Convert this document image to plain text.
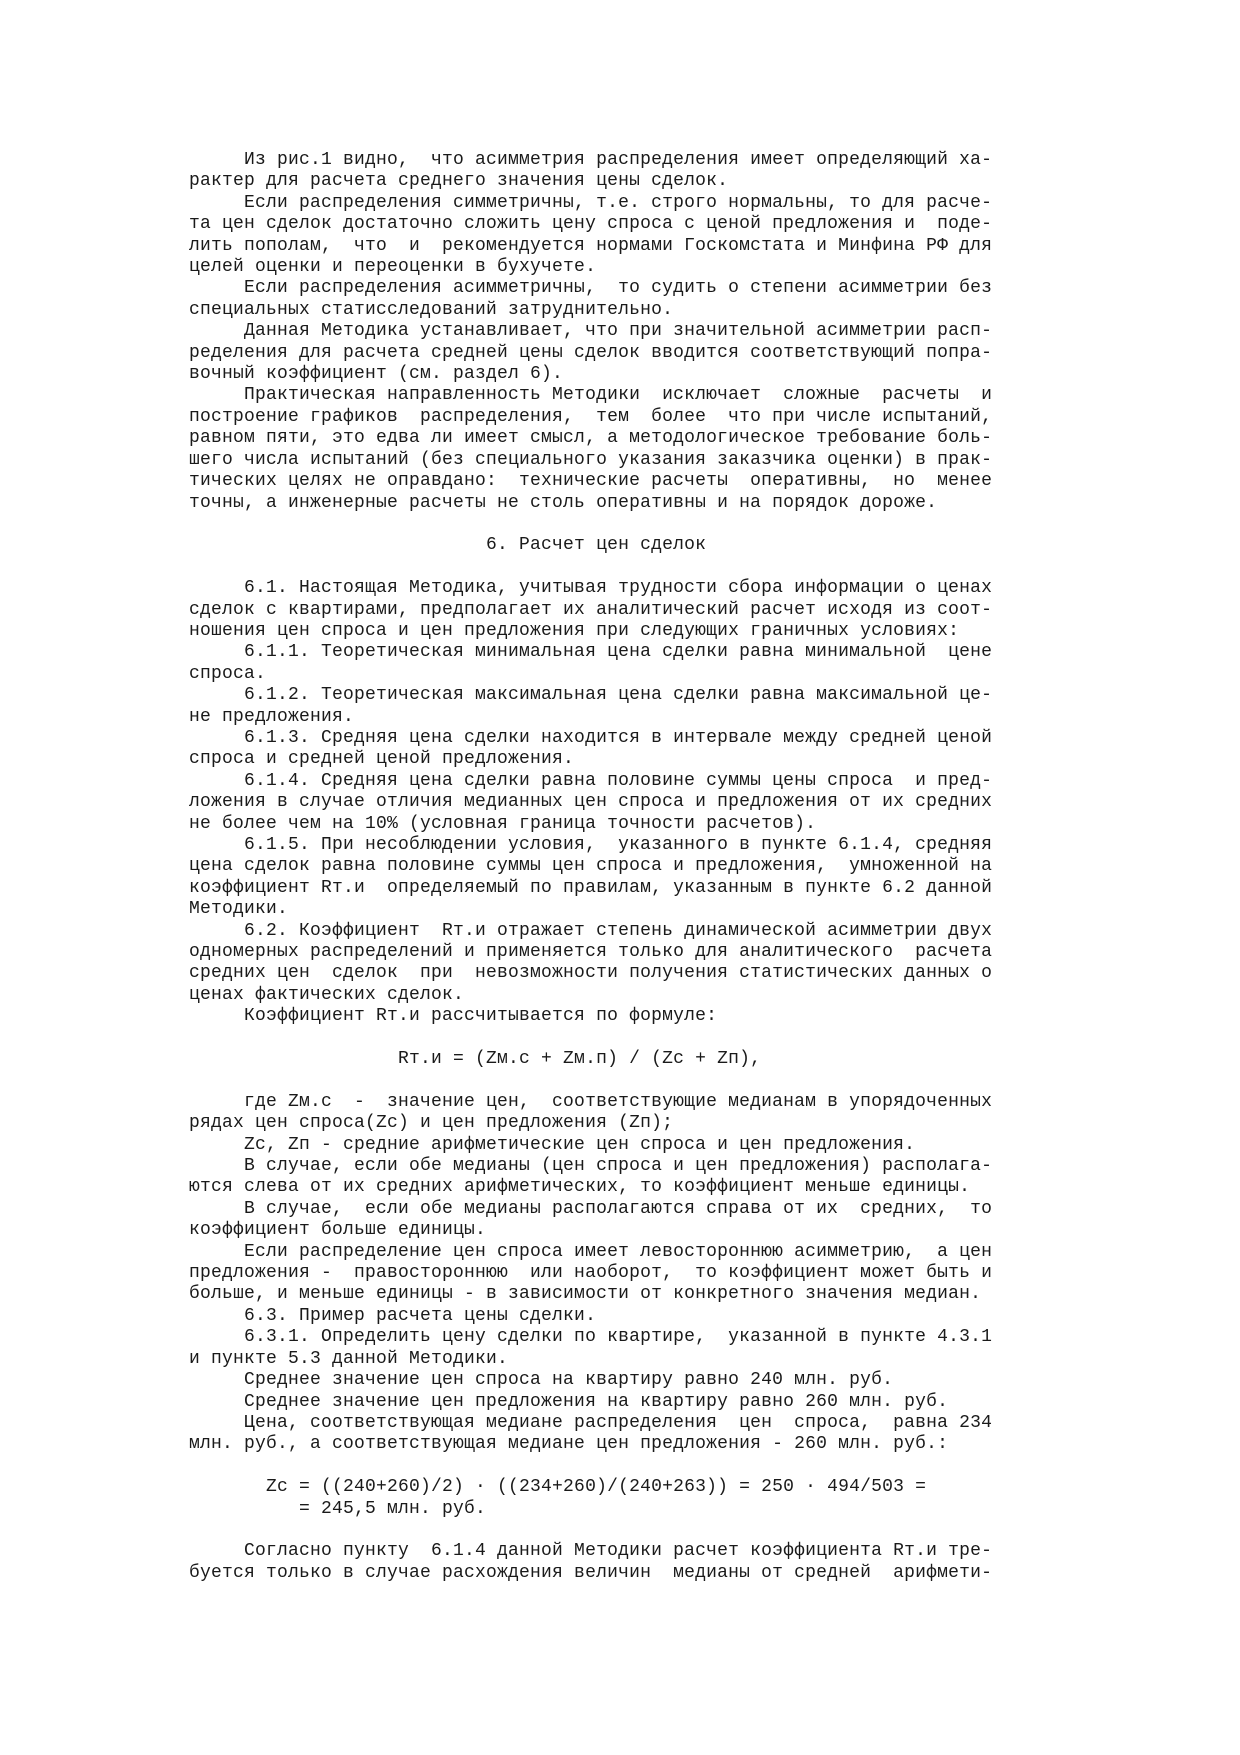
Из рис.1 видно,  что асимметрия распределения имеет определяющий ха-
рактер для расчета среднего значения цены сделок.
Если распределения симметричны, т.е. строго нормальны, то для расче-
та цен сделок достаточно сложить цену спроса с ценой предложения и  поде-
лить пополам,  что  и  рекомендуется нормами Госкомстата и Минфина РФ для
целей оценки и переоценки в бухучете.
Если распределения асимметричны,  то судить о степени асимметрии без
специальных статисследований затруднительно.
Данная Методика устанавливает, что при значительной асимметрии расп-
ределения для расчета средней цены сделок вводится соответствующий попра-
вочный коэффициент (см. раздел 6).
Практическая направленность Методики  исключает  сложные  расчеты  и
построение графиков  распределения,  тем  более  что при числе испытаний,
равном пяти, это едва ли имеет смысл, а методологическое требование боль-
шего числа испытаний (без специального указания заказчика оценки) в прак-
тических целях не оправдано:  технические расчеты  оперативны,  но  менее
точны, а инженерные расчеты не столь оперативны и на порядок дороже.
6. Расчет цен сделок
6.1. Настоящая Методика, учитывая трудности сбора информации о ценах
сделок с квартирами, предполагает их аналитический расчет исходя из соот-
ношения цен спроса и цен предложения при следующих граничных условиях:
6.1.1. Теоретическая минимальная цена сделки равна минимальной  цене
спроса.
6.1.2. Теоретическая максимальная цена сделки равна максимальной це-
не предложения.
6.1.3. Средняя цена сделки находится в интервале между средней ценой
спроса и средней ценой предложения.
6.1.4. Средняя цена сделки равна половине суммы цены спроса  и пред-
ложения в случае отличия медианных цен спроса и предложения от их средних
не более чем на 10% (условная граница точности расчетов).
6.1.5. При несоблюдении условия,  указанного в пункте 6.1.4, средняя
цена сделок равна половине суммы цен спроса и предложения,  умноженной на
коэффициент Rт.и  определяемый по правилам, указанным в пункте 6.2 данной
Методики.
6.2. Коэффициент  Rт.и отражает степень динамической асимметрии двух
одномерных распределений и применяется только для аналитического  расчета
средних цен  сделок  при  невозможности получения статистических данных о
ценах фактических сделок.
Коэффициент Rт.и рассчитывается по формуле:
Rт.и = (Zм.с + Zм.п) / (Zc + Zп),
где Zм.с  -  значение цен,  соответствующие медианам в упорядоченных
рядах цен спроса(Zc) и цен предложения (Zп);
Zc, Zп - средние арифметические цен спроса и цен предложения.
В случае, если обе медианы (цен спроса и цен предложения) располага-
ются слева от их средних арифметических, то коэффициент меньше единицы.
В случае,  если обе медианы располагаются справа от их  средних,  то
коэффициент больше единицы.
Если распределение цен спроса имеет левостороннюю асимметрию,  а цен
предложения -  правостороннюю  или наоборот,  то коэффициент может быть и
больше, и меньше единицы - в зависимости от конкретного значения медиан.
6.3. Пример расчета цены сделки.
6.3.1. Определить цену сделки по квартире,  указанной в пункте 4.3.1
и пункте 5.3 данной Методики.
Среднее значение цен спроса на квартиру равно 240 млн. руб.
Среднее значение цен предложения на квартиру равно 260 млн. руб.
Цена, соответствующая медиане распределения  цен  спроса,  равна 234
млн. руб., а соответствующая медиане цен предложения - 260 млн. руб.:
Zc = ((240+260)/2) · ((234+260)/(240+263)) = 250 · 494/503 =
= 245,5 млн. руб.
Согласно пункту  6.1.4 данной Методики расчет коэффициента Rт.и тре-
буется только в случае расхождения величин  медианы от средней  арифмети-
